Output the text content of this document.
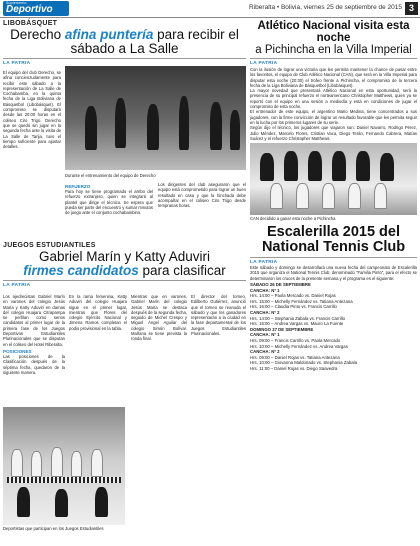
Suplemento
Deportivo	Riberalta • Bolivia, viernes 25 de septiembre de 2015 3
LIBOBÁSQUET
Derecho afina puntería para recibir el sábado a La Salle
LA PATRIA

El equipo del club Derecho, se afina concienzudamente para recibir este sábado a la representación de La Salle de Cochabamba, en la quinta fecha de la Liga Boliviana de Básquetbol (Libobásquet). El compromiso se disputará desde las 20:00 horas en el coliseo Ciro Trigo. Derecho que se quedó sin jugar en la segunda fecha ante la visita de La Salle de Tarija, tuvo el tiempo suficiente para ajustar detalles.

Durante el entrenamiento del equipo de Derecho
REFUERZO

Para hoy se tiene programado el arribo del refuerzo extranjero, quien se integrará al plantel que dirige el técnico. Se espera que pueda ser parte del encuentro y sumar minutos de juego ante el conjunto cochabambino.

Los dirigentes del club aseguraron que el equipo está comprometido para lograr un buen resultado en casa y que la hinchada debe acompañar en el coliseo Ciro Trigo desde tempranas horas.

JUEGOS ESTUDIANTILES
Gabriel Marín y Katty Aduviri
firmes candidatos para clasificar
LA PATRIA

Los ajedrecistas Gabriel Marín en varones del colegio Jesús María y Katty Aduviri en damas del colegio Huajara Citrapampa se perfilan como serios candidatos al primer lugar de la primera fase de los Juegos Deportivos Estudiantiles Plurinacionales que se disputan en el coliseo del Hotel Riberalta.

POSICIONES

Las posiciones de la Clasificación después de la séptima fecha, quedaron de la siguiente manera.

En la rama femenina, Katty Aduviri del colegio Huajara sigue en el primer lugar, mientras que Flores del colegio Ejército Nacional y Jimena Ramos completan el podio provisional en la tabla.

Mientras que en varones, Gabriel Marín del colegio Jesús María se destaca después de la segunda fecha, seguido de Michel Crespo y Miguel Ángel Aguilar del colegio Simón Bolívar. Mañana se tiene prevista la ronda final.

El director del torneo, Edilberto Gutiérrez, anunció que el torneo se reanuda el sábado y que los ganadores representarán a la ciudad en la fase departamental de los Juegos Estudiantiles Plurinacionales.

Deportistas que participan en los Juegos Estudiantiles
Atlético Nacional visita esta noche
a Pichincha en la Villa Imperial
LA PATRIA

Con la ilusión de lograr una victoria que les permita mantener la chance de pasar entre los favoritos, el equipo de Club Atlético Nacional (CAN), que será en la Villa Imperial para disputar esta noche (20:30) el trofeo frente a Pichincha, el compromiso de la tercera fecha de la Liga Boliviana de Básquetbol (Libobásquet).

La mayor novedad que presentará Atlético Nacional en esta oportunidad, será la presencia de su principal refuerzo el norteamericano Christopher Matthews, quien ya se reportó con el equipo en una sesión a mediodía y está en condiciones de jugar el compromiso de esta noche.

El entrenador de este equipo, el argentino Mario Medina, tiene concentrados a sus jugadores, con la firme convicción de lograr un resultado favorable que les permita seguir en la lucha por los primeros lugares de su serie.

Según dijo el técnico, los jugadores que viajaron son: Daniel Navarro, Rodrigo Pérez, Julio Méndez, Marcelo Flores, Cristian Vaca, Diego Terán, Fernando Cabrera, Matías Suárez y el refuerzo Christopher Matthews.

CAN decidido a ganar esta noche a Pichincha
Escalerilla 2015 del
National Tennis Club
LA PATRIA

Este sábado y domingo se desarrollará una nueva fecha del campeonato de Escalerilla 2015 que organiza el National Tennis Club, denominado “Familia Pinto”, para el efecto se determinaron los cruces de la presente semana y el programa es el siguiente:

SÁBADO 26 DE SEPTIEMBRE
CANCHA: Nº 1
Hrs. 14:00 – Paola Mercado vs. Daniel Rojas
Hrs. 15:00 – Michelly Fernández vs. Tatiana Antezana
Hrs. 16:00 – Claudia Pinto vs. Francis Carrillo
CANCHA: Nº 2
Hrs. 14:00 – Stephania Zabala vs. Francis Carrillo
Hrs. 15:00 – Andrea Vargas vs. Mauro La Fuente
DOMINGO 27 DE SEPTIEMBRE
CANCHA: Nº 1
Hrs. 09:00 – Francis Carrillo vs. Paola Mercado
Hrs. 10:00 – Michelly Fernández vs. Andrea Vargas
CANCHA: Nº 2
Hrs. 09:00 – Daniel Rojas vs. Tatiana Antezana
Hrs. 10:00 – Giovanna Maldonado vs. Stephania Zabala
Hrs. 11:00 – Daniel Rojas vs. Diego Saavedra
